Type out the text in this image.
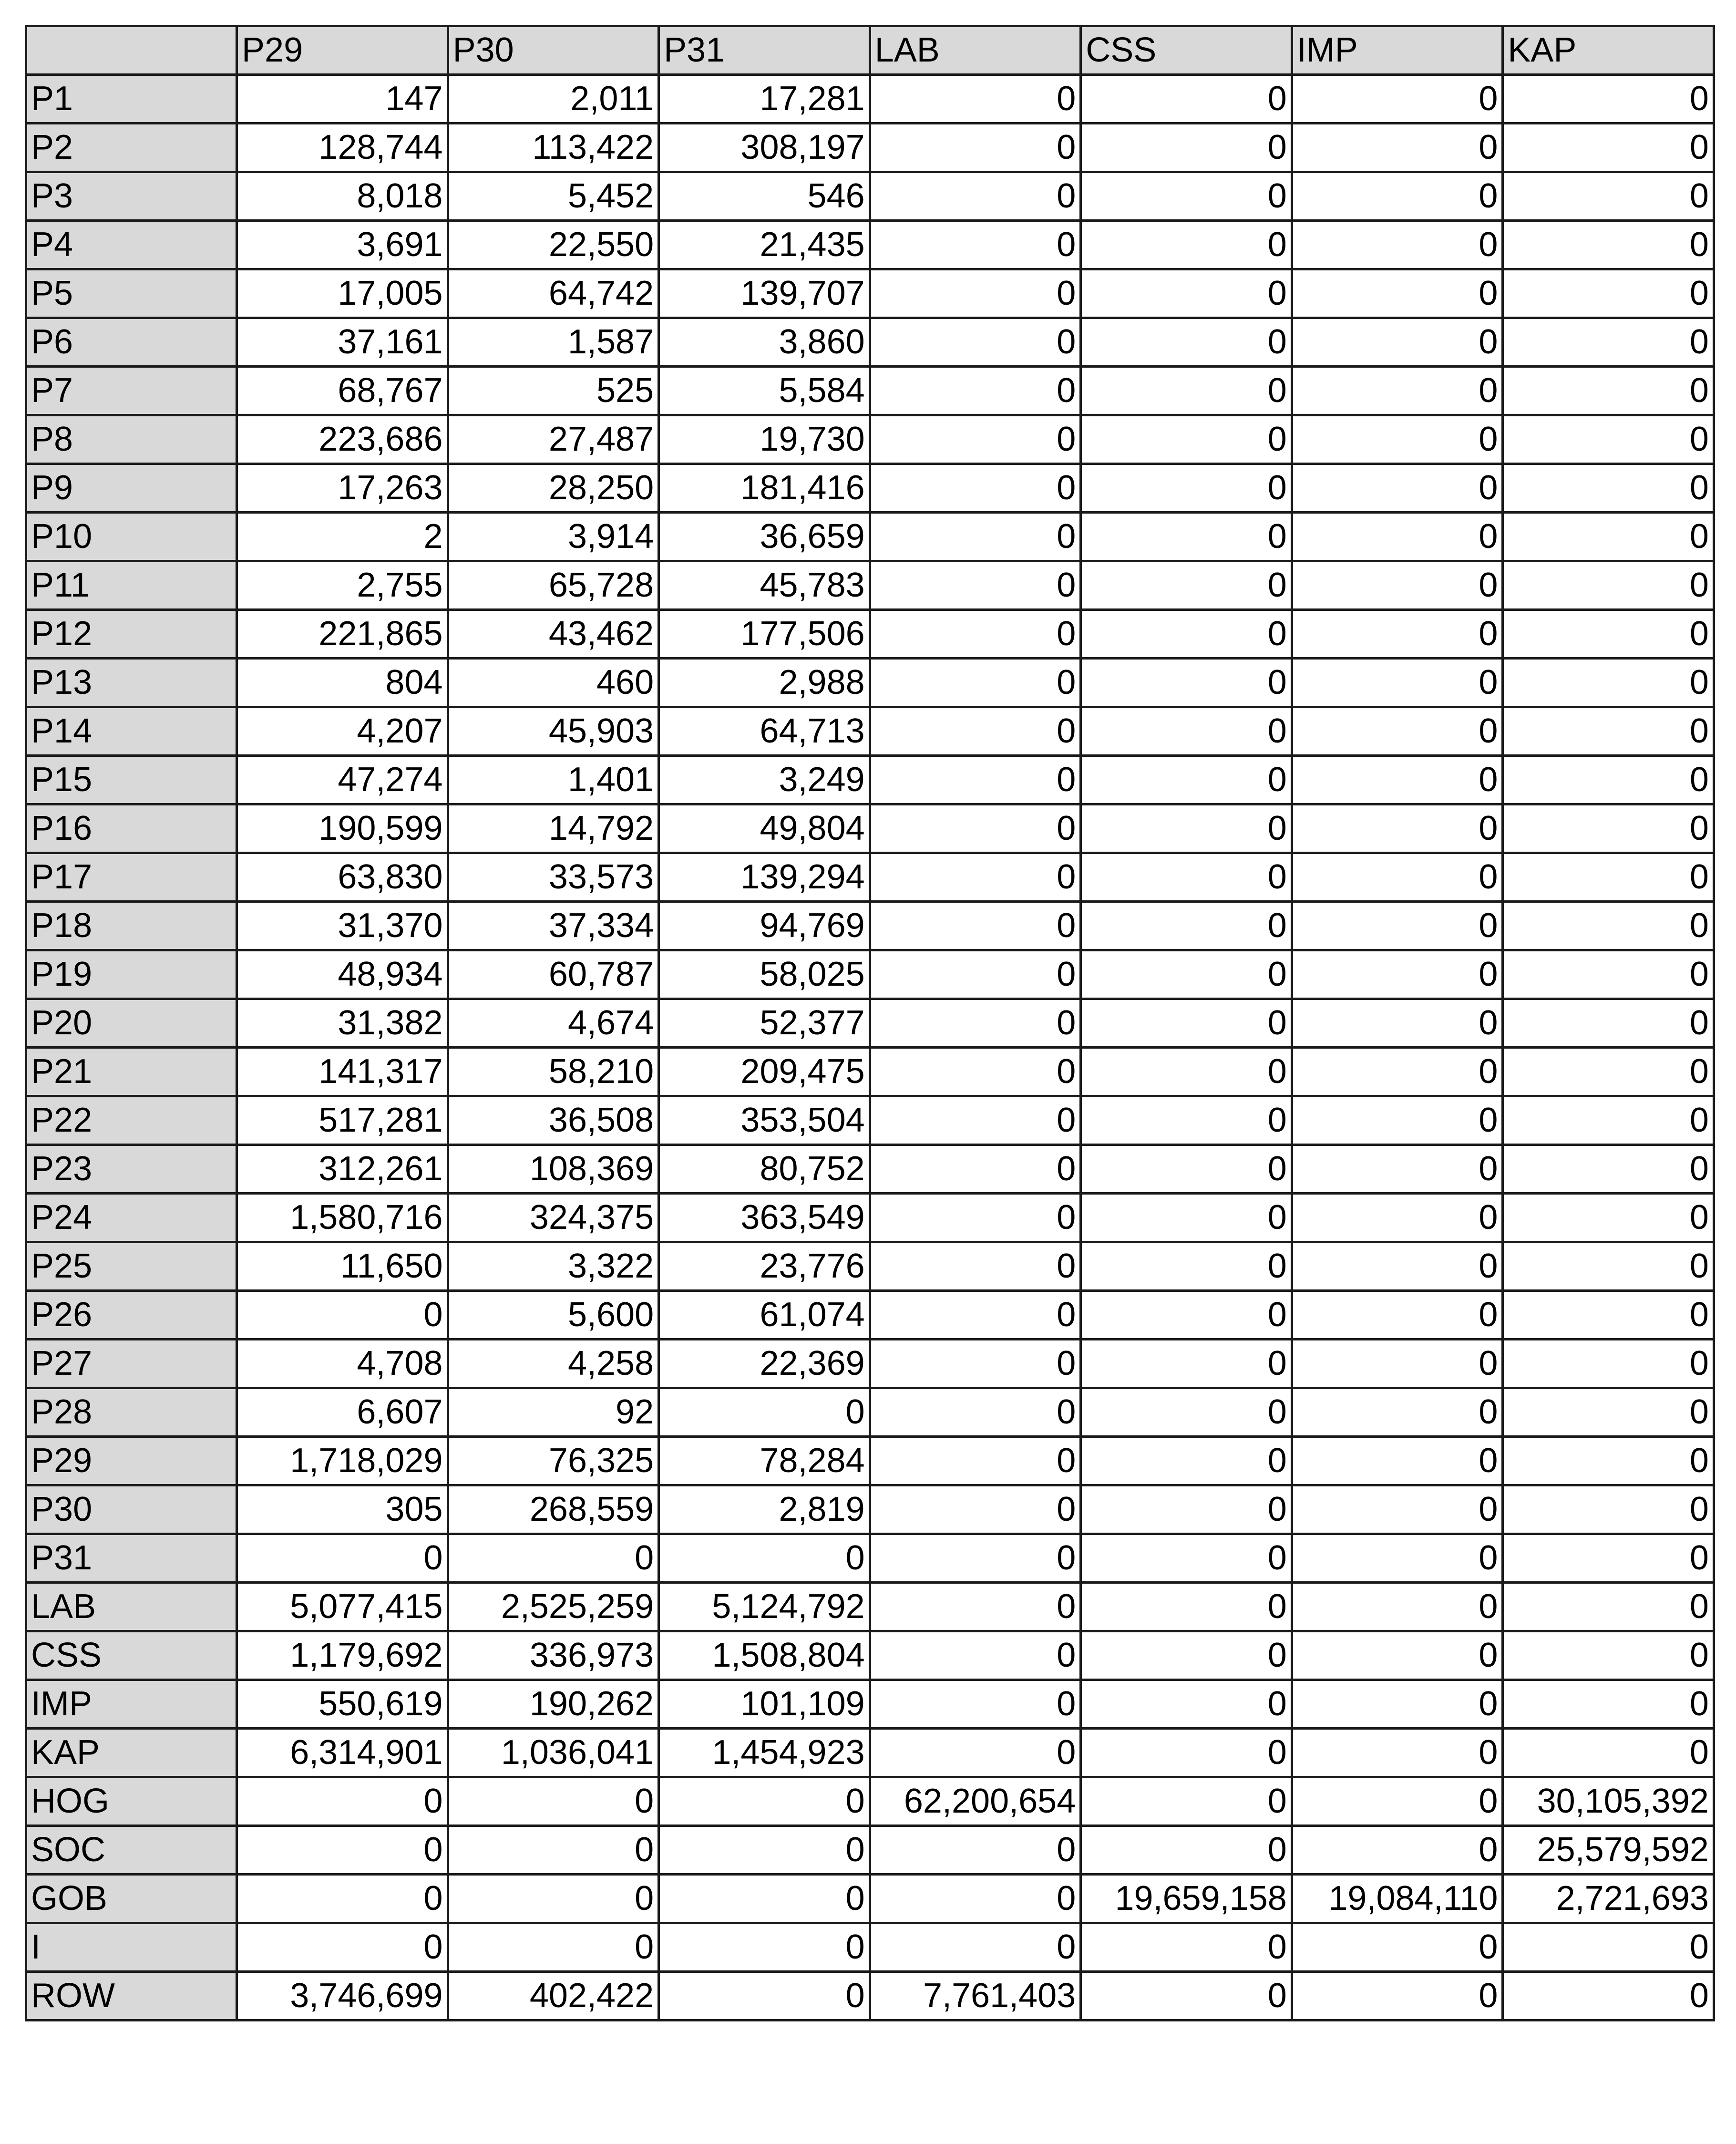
	P29	P30	P31	LAB	CSS	IMP	KAP
P1	147	2,011	17,281	0	0	0	0
P2	128,744	113,422	308,197	0	0	0	0
P3	8,018	5,452	546	0	0	0	0
P4	3,691	22,550	21,435	0	0	0	0
P5	17,005	64,742	139,707	0	0	0	0
P6	37,161	1,587	3,860	0	0	0	0
P7	68,767	525	5,584	0	0	0	0
P8	223,686	27,487	19,730	0	0	0	0
P9	17,263	28,250	181,416	0	0	0	0
P10	2	3,914	36,659	0	0	0	0
P11	2,755	65,728	45,783	0	0	0	0
P12	221,865	43,462	177,506	0	0	0	0
P13	804	460	2,988	0	0	0	0
P14	4,207	45,903	64,713	0	0	0	0
P15	47,274	1,401	3,249	0	0	0	0
P16	190,599	14,792	49,804	0	0	0	0
P17	63,830	33,573	139,294	0	0	0	0
P18	31,370	37,334	94,769	0	0	0	0
P19	48,934	60,787	58,025	0	0	0	0
P20	31,382	4,674	52,377	0	0	0	0
P21	141,317	58,210	209,475	0	0	0	0
P22	517,281	36,508	353,504	0	0	0	0
P23	312,261	108,369	80,752	0	0	0	0
P24	1,580,716	324,375	363,549	0	0	0	0
P25	11,650	3,322	23,776	0	0	0	0
P26	0	5,600	61,074	0	0	0	0
P27	4,708	4,258	22,369	0	0	0	0
P28	6,607	92	0	0	0	0	0
P29	1,718,029	76,325	78,284	0	0	0	0
P30	305	268,559	2,819	0	0	0	0
P31	0	0	0	0	0	0	0
LAB	5,077,415	2,525,259	5,124,792	0	0	0	0
CSS	1,179,692	336,973	1,508,804	0	0	0	0
IMP	550,619	190,262	101,109	0	0	0	0
KAP	6,314,901	1,036,041	1,454,923	0	0	0	0
HOG	0	0	0	62,200,654	0	0	30,105,392
SOC	0	0	0	0	0	0	25,579,592
GOB	0	0	0	0	19,659,158	19,084,110	2,721,693
I	0	0	0	0	0	0	0
ROW	3,746,699	402,422	0	7,761,403	0	0	0
